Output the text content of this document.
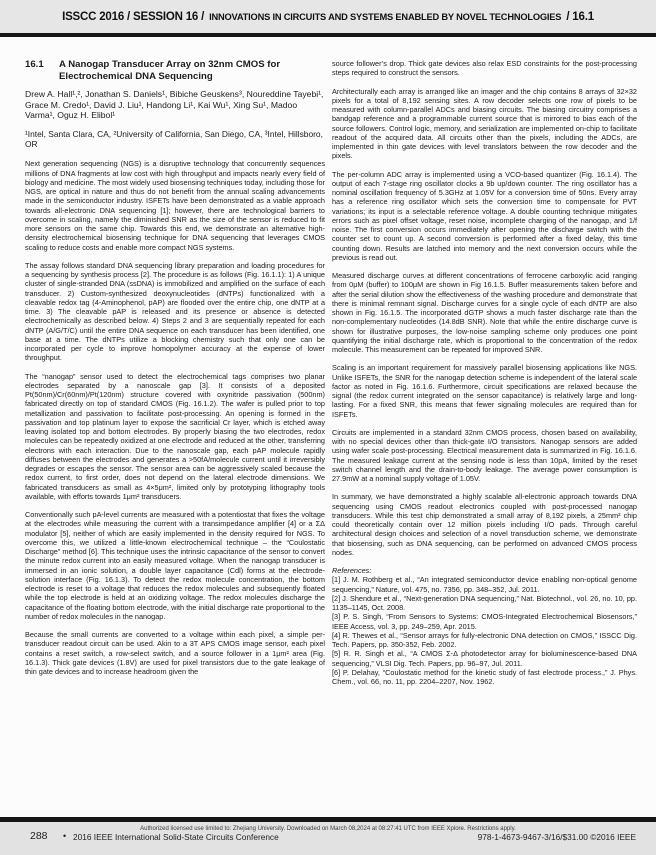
ISSCC 2016 / SESSION 16 / INNOVATIONS IN CIRCUITS AND SYSTEMS ENABLED BY NOVEL TECHNOLOGIES / 16.1
16.1	A Nanogap Transducer Array on 32nm CMOS for Electrochemical DNA Sequencing

Drew A. Hall¹,², Jonathan S. Daniels¹, Bibiche Geuskens³, Noureddine Tayebi¹, Grace M. Credo¹, David J. Liu¹, Handong Li¹, Kai Wu¹, Xing Su¹, Madoo Varma¹, Oguz H. Elibol¹

¹Intel, Santa Clara, CA, ²University of California, San Diego, CA, ³Intel, Hillsboro, OR

Next generation sequencing (NGS) is a disruptive technology that concurrently sequences millions of DNA fragments at low cost with high throughput and impacts nearly every field of biology and medicine. The most widely used biosensing techniques today, including those for NGS, are optical in nature and thus do not benefit from the annual scaling advancements made in the semiconductor industry. ISFETs have been demonstrated as a viable approach towards all-electronic DNA sequencing [1]; however, there are technological barriers to overcome in scaling, namely the diminished SNR as the size of the sensor is reduced to fit more sensors on the same chip. Towards this end, we demonstrate an alternative high-density electrochemical biosensing technique for DNA sequencing that leverages CMOS scaling to reduce costs and enable more compact NGS systems.

The assay follows standard DNA sequencing library preparation and loading procedures for a sequencing by synthesis process [2]. The procedure is as follows (Fig. 16.1.1): 1) A unique cluster of single-stranded DNA (ssDNA) is immobilized and amplified on the surface of each transducer. 2) Custom-synthesized deoxynucleotides (dNTPs) functionalized with a cleavable redox tag (4-Aminophenol, pAP) are flooded over the entire chip, one dNTP at a time. 3) The cleavable pAP is released and its presence or absence is detected electrochemically as described below. 4) Steps 2 and 3 are sequentially repeated for each dNTP (A/G/T/C) until the entire DNA sequence on each transducer has been identified, one base at a time. The dNTPs utilize a blocking chemistry such that only one can be incorporated per cycle to improve homopolymer accuracy at the expense of lower throughput.

The “nanogap” sensor used to detect the electrochemical tags comprises two planar electrodes separated by a nanoscale gap [3]. It consists of a deposited Pt(50nm)/Cr(60nm)/Pt(120nm) structure covered with oxynitride passivation (500nm) fabricated directly on top of standard CMOS (Fig. 16.1.2). The wafer is pulled prior to top metallization and passivation to facilitate post-processing. An opening is formed in the passivation and top platinum layer to expose the sacrificial Cr layer, which is etched away leaving isolated top and bottom electrodes. By properly biasing the two electrodes, redox molecules can be repeatedly oxidized at one electrode and reduced at the other, transferring electrons with each interaction. Due to the nanoscale gap, each pAP molecule rapidly diffuses between the electrodes and generates a >50fA/molecule current until it irreversibly degrades or escapes the sensor. The sensor area can be aggressively scaled because the redox current, to first order, does not depend on the lateral electrode dimensions. We fabricated transducers as small as 4×5μm², limited only by prototyping lithography tools available, with efforts towards 1μm² transducers.

Conventionally such pA-level currents are measured with a potentiostat that fixes the voltage at the electrodes while measuring the current with a transimpedance amplifier [4] or a ΣΔ modulator [5], neither of which are easily implemented in the density required for NGS. To overcome this, we utilized a little-known electrochemical technique – the “Coulostatic Discharge” method [6]. This technique uses the intrinsic capacitance of the sensor to convert the minute redox current into an easily measured voltage. When the nanogap transducer is immersed in an ionic solution, a double layer capacitance (Cdl) forms at the electrode-solution interface (Fig. 16.1.3). To detect the redox molecule concentration, the bottom electrode is reset to a voltage that reduces the redox molecules and subsequently floated while the top electrode is held at an oxidizing voltage. The redox molecules discharge the capacitance of the floating bottom electrode, with the initial discharge rate proportional to the number of redox molecules in the nanogap.

Because the small currents are converted to a voltage within each pixel, a simple per-transducer readout circuit can be used. Akin to a 3T APS CMOS image sensor, each pixel contains a reset switch, a row-select switch, and a source follower in a 1μm² area (Fig. 16.1.3). Thick gate devices (1.8V) are used for pixel transistors due to the gate leakage of thin gate devices and to increase headroom given the

source follower’s drop. Thick gate devices also relax ESD constraints for the post-processing steps required to construct the sensors.

Architecturally each array is arranged like an imager and the chip contains 8 arrays of 32×32 pixels for a total of 8,192 sensing sites. A row decoder selects one row of pixels to be measured with column-parallel ADCs and biasing circuits. The biasing circuitry comprises a bandgap reference and a programmable current source that is mirrored to bias each of the source followers. Control logic, memory, and serialization are implemented on-chip to facilitate readout of the acquired data. All circuits other than the pixels, including the ADCs, are implemented in thin gate devices with level translators between the row decoder and the pixels.

The per-column ADC array is implemented using a VCO-based quantizer (Fig. 16.1.4). The output of each 7-stage ring oscillator clocks a 9b up/down counter. The ring oscillator has a nominal oscillation frequency of 5.3GHz at 1.05V for a conversion time of 50ns. Every array has a reference ring oscillator which sets the conversion time to compensate for PVT variations; its input is a selectable reference voltage. A double counting technique mitigates errors such as pixel offset voltage, reset noise, incomplete charging of the nanogap, and 1/f noise. The first conversion occurs immediately after opening the discharge switch with the counter set to count up. A second conversion is performed after a fixed delay, this time counting down. Results are latched into memory and the next conversion occurs while the previous is read out.

Measured discharge curves at different concentrations of ferrocene carboxylic acid ranging from 0μM (buffer) to 100μM are shown in Fig 16.1.5. Buffer measurements taken before and after the serial dilution show the effectiveness of the washing procedure and demonstrate that there is minimal remnant signal. Discharge curves for a single cycle of each dNTP are also shown in Fig. 16.1.5. The incorporated dGTP shows a much faster discharge rate than the non-complementary nucleotides (14.8dB SNR). Note that while the entire discharge curve is shown for illustrative purposes, the low-noise sampling scheme only produces one point quantifying the initial discharge rate, which is proportional to the concentration of the redox molecule. This measurement can be repeated for improved SNR.

Scaling is an important requirement for massively parallel biosensing applications like NGS. Unlike ISFETs, the SNR for the nanogap detection scheme is independent of the lateral scale factor as noted in Fig. 16.1.6. Furthermore, circuit specifications are relaxed because the signal (the redox current integrated on the sensor capacitance) is relatively large and long-lasting. For a fixed SNR, this means that fewer signaling molecules are required than for ISFETs.

Circuits are implemented in a standard 32nm CMOS process, chosen based on availability, with no special devices other than thick-gate I/O transistors. Nanogap sensors are added using wafer scale post-processing. Electrical measurement data is summarized in Fig. 16.1.6. The measured leakage current at the sensing node is less than 10pA, limited by the reset switch channel length and the drain-to-body leakage. The average power consumption is 27.9mW at a nominal supply voltage of 1.05V.

In summary, we have demonstrated a highly scalable all-electronic approach towards DNA sequencing using CMOS readout electronics coupled with post-processed nanogap transducers. While this test chip demonstrated a small array of 8,192 pixels, a 25mm² chip could theoretically contain over 12 million pixels including I/O pads. Through careful architectural design choices and selection of a novel transduction scheme, we demonstrate that biosensing, such as DNA sequencing, can be performed on advanced CMOS process nodes.

References:

[1] J. M. Rothberg et al., “An integrated semiconductor device enabling non-optical genome sequencing,” Nature, vol. 475, no. 7356, pp. 348–352, Jul. 2011.
[2] J. Shendure et al., “Next-generation DNA sequencing,” Nat. Biotechnol., vol. 26, no. 10, pp. 1135–1145, Oct. 2008.
[3] P. S. Singh, “From Sensors to Systems: CMOS-Integrated Electrochemical Biosensors,” IEEE Access, vol. 3, pp. 249–259, Apr. 2015.
[4] R. Thewes et al., “Sensor arrays for fully-electronic DNA detection on CMOS,” ISSCC Dig. Tech. Papers, pp. 350-352, Feb. 2002.
[5] R. R. Singh et al., “A CMOS Σ-Δ photodetector array for bioluminescence-based DNA sequencing,” VLSI Dig. Tech. Papers, pp. 96–97, Jul. 2011.
[6] P. Delahay, “Coulostatic method for the kinetic study of fast electrode process.,” J. Phys. Chem., vol. 66, no. 11, pp. 2204–2207, Nov. 1962.
Authorized licensed use limited to: Zhejiang University. Downloaded on March 08,2024 at 08:27:41 UTC from IEEE Xplore. Restrictions apply.
288 • 2016 IEEE International Solid-State Circuits Conference	978-1-4673-9467-3/16/$31.00 ©2016 IEEE
